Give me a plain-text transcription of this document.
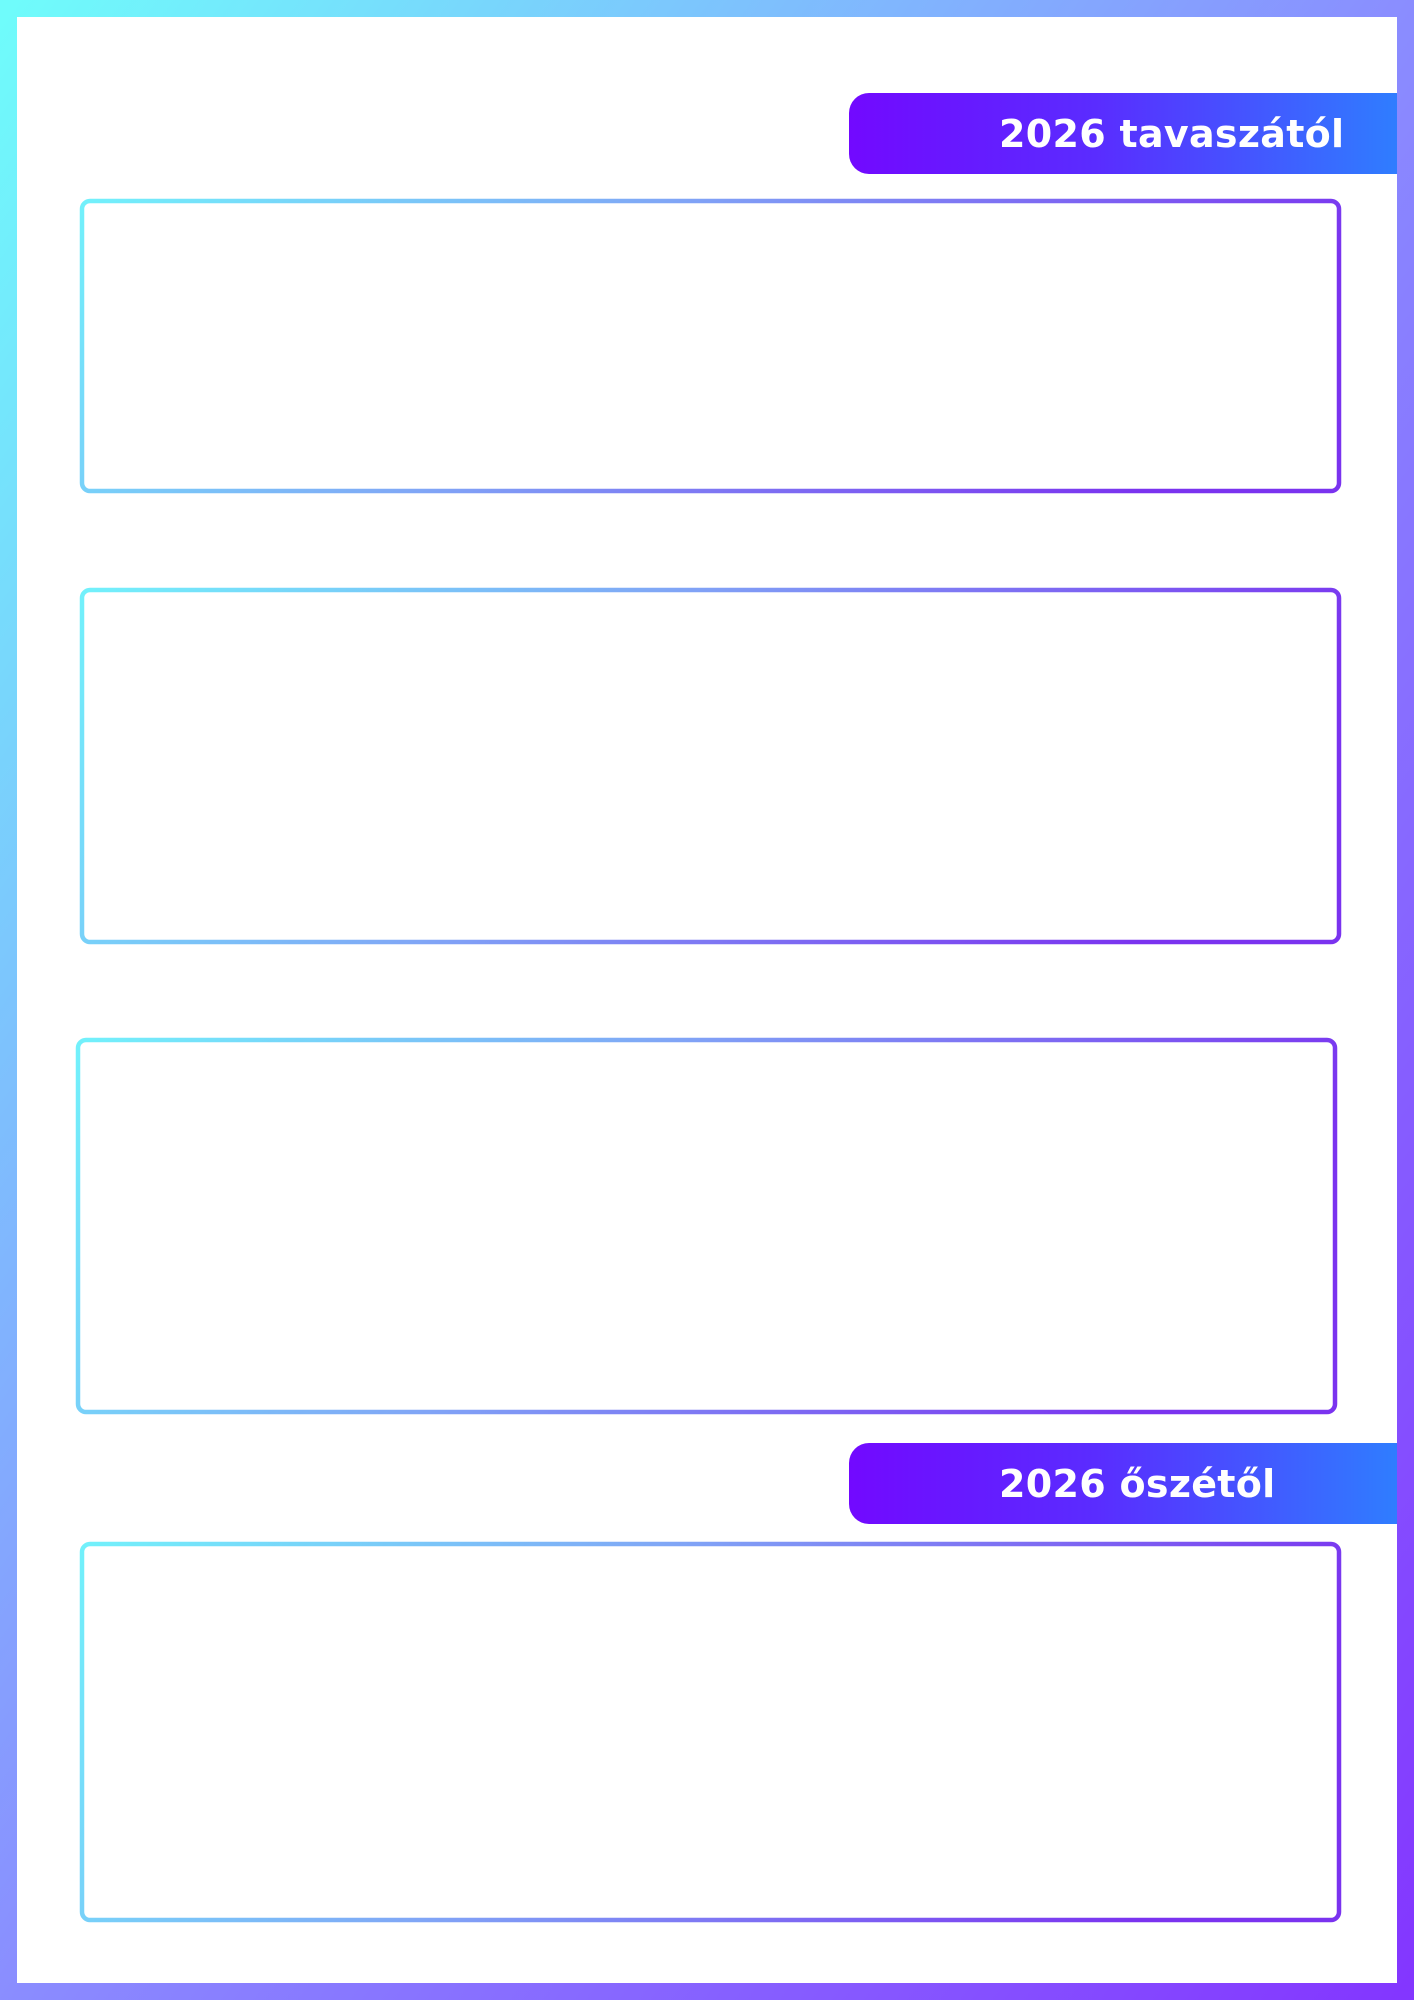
2026 tavaszától
2026 őszétől
